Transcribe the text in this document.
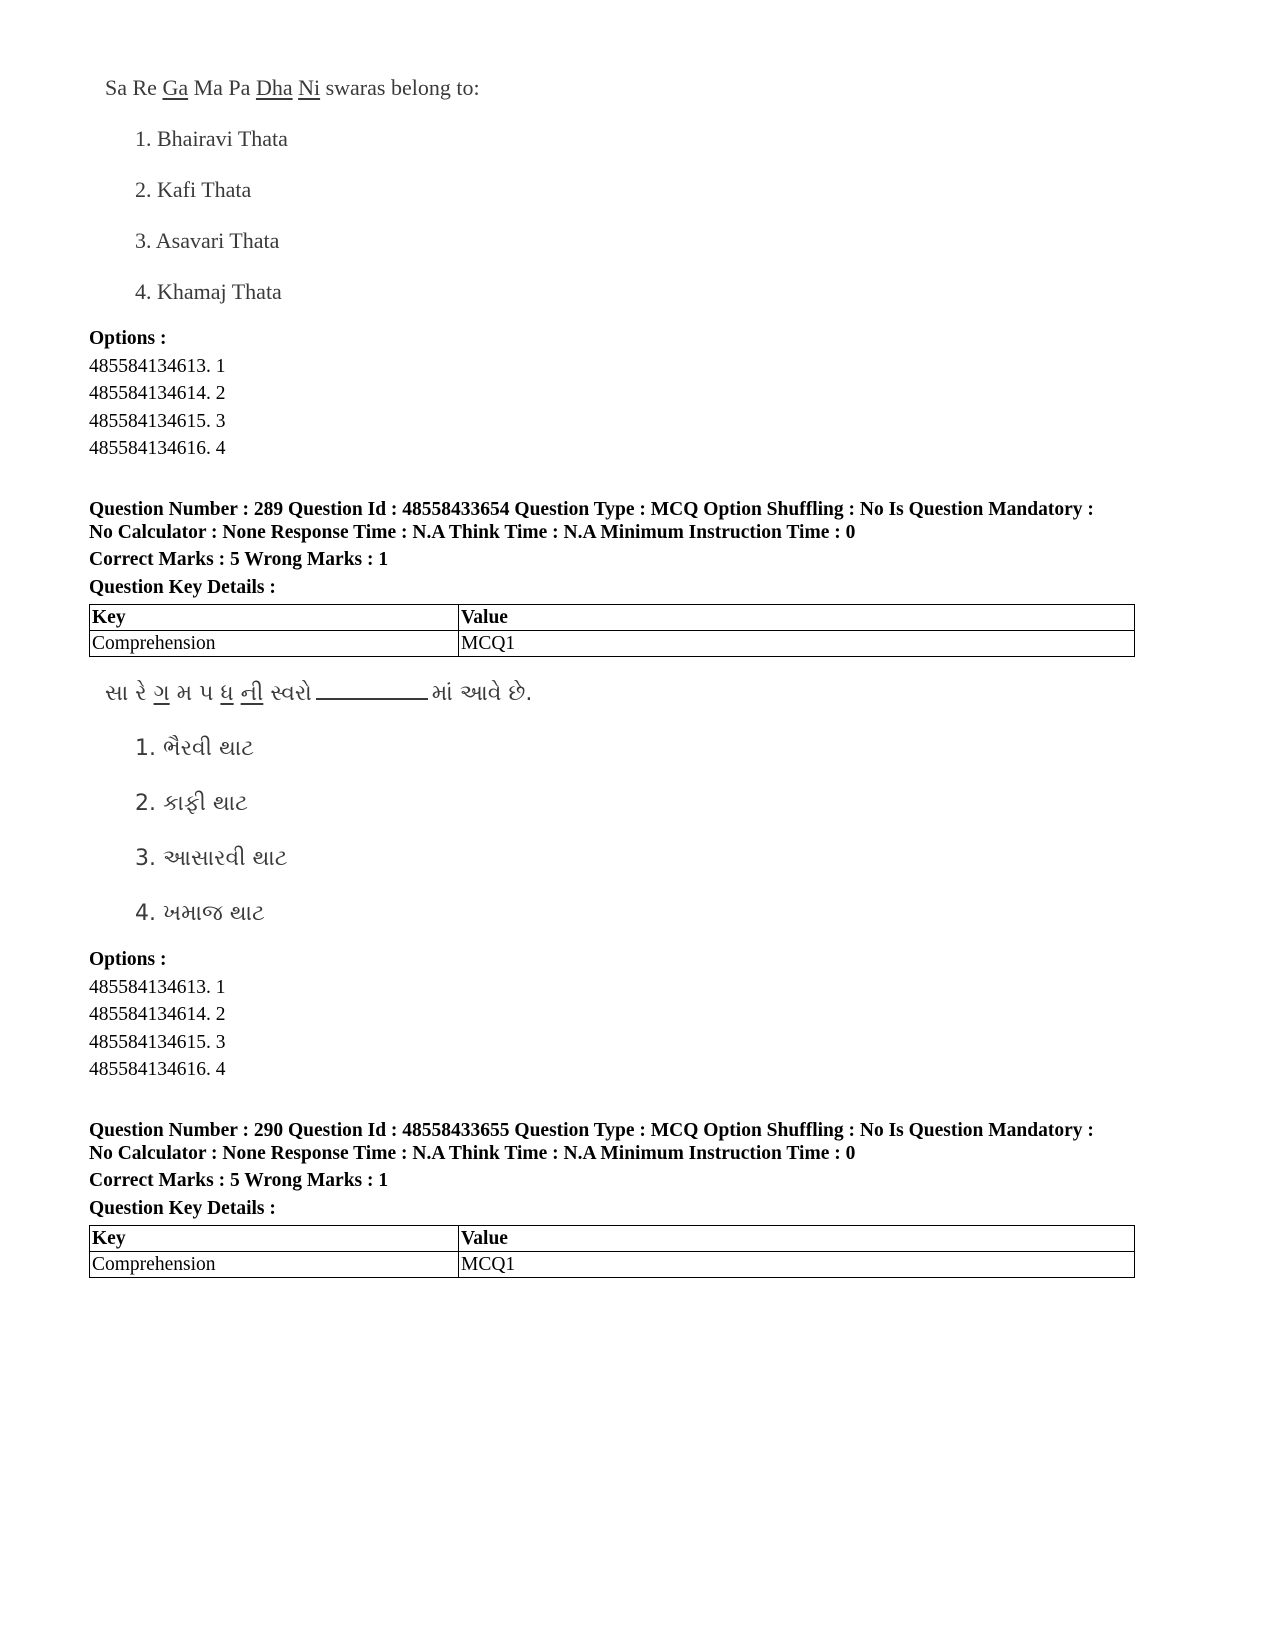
Sa Re Ga Ma Pa Dha Ni swaras belong to:
1. Bhairavi Thata
2. Kafi Thata
3. Asavari Thata
4. Khamaj Thata
Options :
485584134613. 1
485584134614. 2
485584134615. 3
485584134616. 4
Question Number : 289 Question Id : 48558433654 Question Type : MCQ Option Shuffling : No Is Question Mandatory :
No Calculator : None Response Time : N.A Think Time : N.A Minimum Instruction Time : 0
Correct Marks : 5 Wrong Marks : 1
Question Key Details :
Key	Value
Comprehension	MCQ1
સા રે ગ મ પ ધ ની સ્વરો	માં આવે છે.
1. ભૈરવી થાટ
2. કાફી થાટ
3. આસારવી થાટ
4. ખમાજ થાટ
Options :
485584134613. 1
485584134614. 2
485584134615. 3
485584134616. 4
Question Number : 290 Question Id : 48558433655 Question Type : MCQ Option Shuffling : No Is Question Mandatory :
No Calculator : None Response Time : N.A Think Time : N.A Minimum Instruction Time : 0
Correct Marks : 5 Wrong Marks : 1
Question Key Details :
Key	Value
Comprehension	MCQ1
